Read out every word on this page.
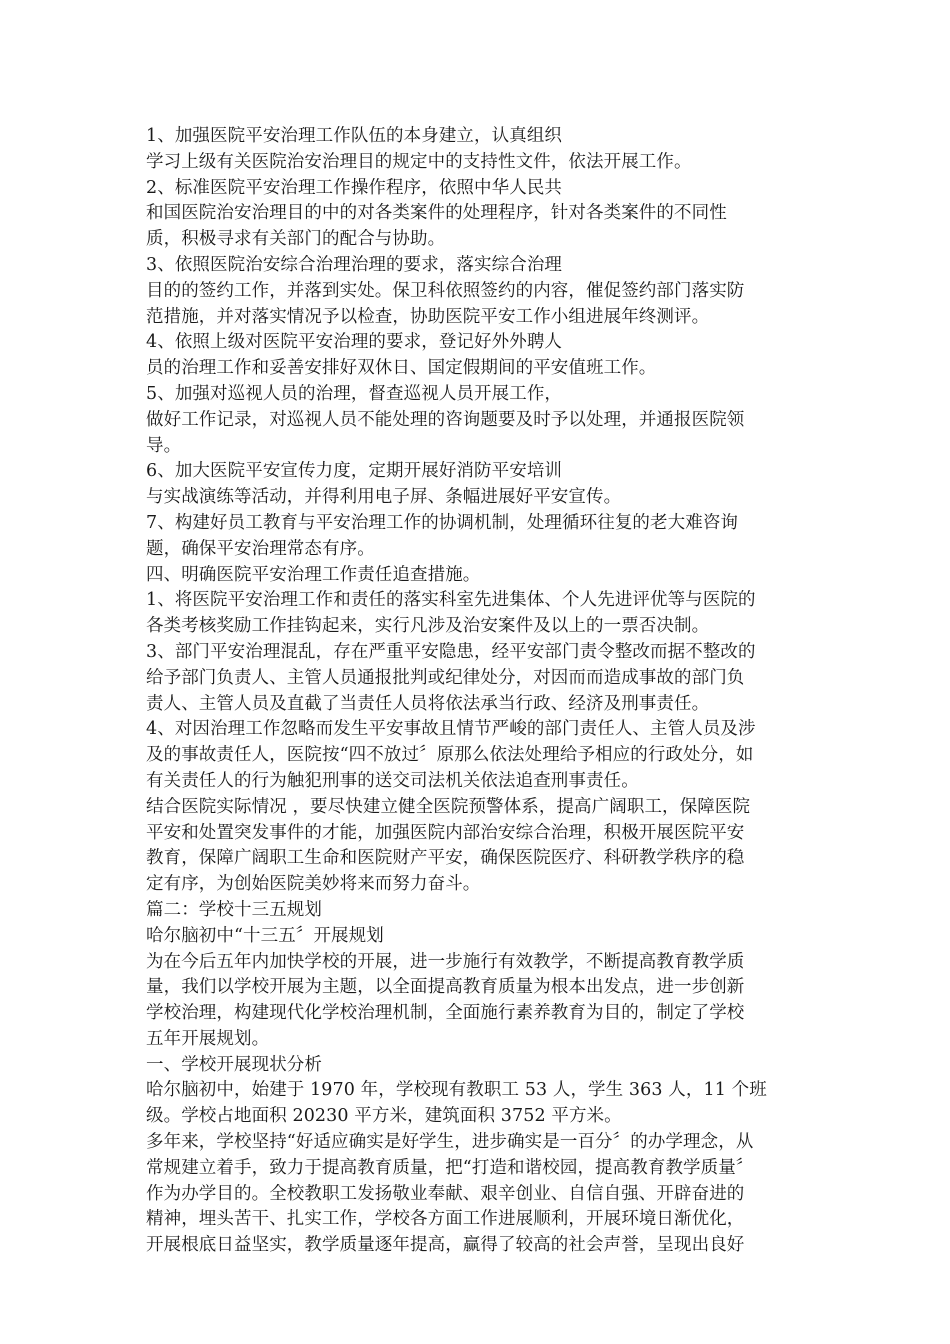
1、加强医院平安治理工作队伍的本身建立，认真组织

学习上级有关医院治安治理目的规定中的支持性文件，依法开展工作。

2、标准医院平安治理工作操作程序，依照中华人民共

和国医院治安治理目的中的对各类案件的处理程序，针对各类案件的不同性

质，积极寻求有关部门的配合与协助。

3、依照医院治安综合治理治理的要求，落实综合治理

目的的签约工作，并落到实处。保卫科依照签约的内容，催促签约部门落实防

范措施，并对落实情况予以检查，协助医院平安工作小组进展年终测评。

4、依照上级对医院平安治理的要求，登记好外外聘人

员的治理工作和妥善安排好双休日、国定假期间的平安值班工作。

5、加强对巡视人员的治理，督查巡视人员开展工作，

做好工作记录，对巡视人员不能处理的咨询题要及时予以处理，并通报医院领

导。

6、加大医院平安宣传力度，定期开展好消防平安培训

与实战演练等活动，并得利用电子屏、条幅进展好平安宣传。

7、构建好员工教育与平安治理工作的协调机制，处理循环往复的老大难咨询

题，确保平安治理常态有序。

四、明确医院平安治理工作责任追查措施。

1、将医院平安治理工作和责任的落实科室先进集体、个人先进评优等与医院的

各类考核奖励工作挂钩起来，实行凡涉及治安案件及以上的一票否决制。

3、部门平安治理混乱，存在严重平安隐患，经平安部门责令整改而据不整改的

给予部门负责人、主管人员通报批判或纪律处分，对因而而造成事故的部门负

责人、主管人员及直截了当责任人员将依法承当行政、经济及刑事责任。

4、对因治理工作忽略而发生平安事故且情节严峻的部门责任人、主管人员及涉

及的事故责任人，医院按“四不放过〞原那么依法处理给予相应的行政处分，如

有关责任人的行为触犯刑事的送交司法机关依法追查刑事责任。

结合医院实际情况 ，要尽快建立健全医院预警体系，提高广阔职工，保障医院

平安和处置突发事件的才能，加强医院内部治安综合治理，积极开展医院平安

教育，保障广阔职工生命和医院财产平安，确保医院医疗、科研教学秩序的稳

定有序，为创始医院美妙将来而努力奋斗。

篇二：学校十三五规划

哈尔脑初中“十三五〞开展规划

为在今后五年内加快学校的开展，进一步施行有效教学，不断提高教育教学质

量，我们以学校开展为主题，以全面提高教育质量为根本出发点，进一步创新

学校治理，构建现代化学校治理机制，全面施行素养教育为目的，制定了学校

五年开展规划。

一、学校开展现状分析

哈尔脑初中，始建于 1970 年，学校现有教职工 53 人，学生 363 人，11 个班

级。学校占地面积 20230 平方米，建筑面积 3752 平方米。

多年来，学校坚持“好适应确实是好学生，进步确实是一百分〞的办学理念，从

常规建立着手，致力于提高教育质量，把“打造和谐校园，提高教育教学质量〞

作为办学目的。全校教职工发扬敬业奉献、艰辛创业、自信自强、开辟奋进的

精神，埋头苦干、扎实工作，学校各方面工作进展顺利，开展环境日渐优化，

开展根底日益坚实，教学质量逐年提高，赢得了较高的社会声誉，呈现出良好
